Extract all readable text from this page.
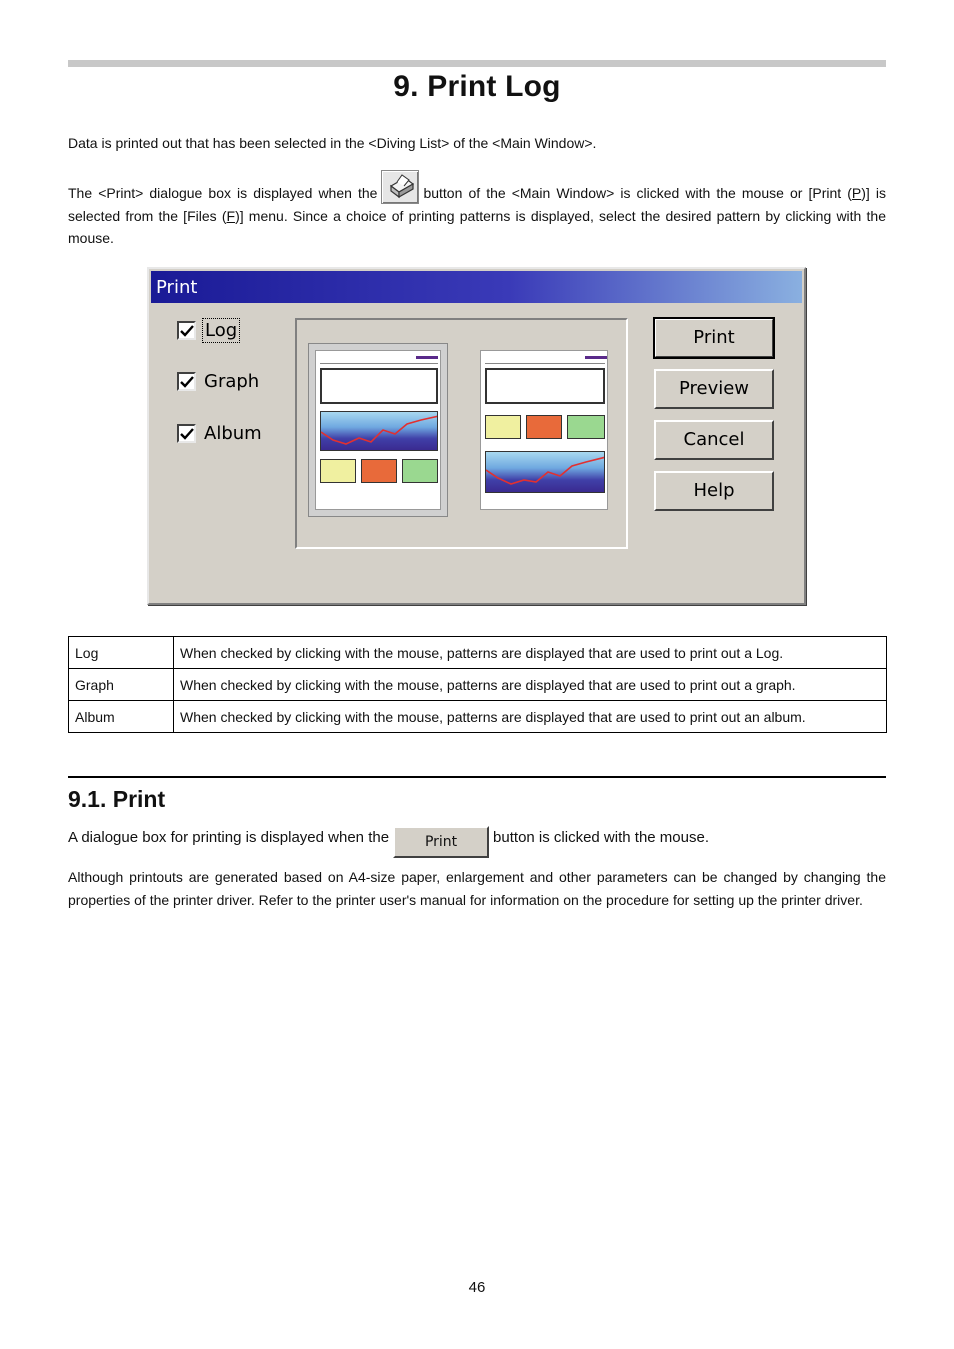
9. Print Log

Data is printed out that has been selected in the <Diving List> of the <Main Window>.

The <Print> dialogue box is displayed when the	button of the <Main Window> is clicked with the mouse or [Print (P)] is selected from the [Files (F)] menu. Since a choice of printing patterns is displayed, select the desired pattern by clicking with the mouse.

Print
Log
Graph
Album
Print
Preview
Cancel
Help
Log	When checked by clicking with the mouse, patterns are displayed that are used to print out a Log.
Graph	When checked by clicking with the mouse, patterns are displayed that are used to print out a graph.
Album	When checked by clicking with the mouse, patterns are displayed that are used to print out an album.
9.1. Print

A dialogue box for printing is displayed when the	Print button is clicked with the mouse.

Although printouts are generated based on A4-size paper, enlargement and other parameters can be changed by changing the properties of the printer driver. Refer to the printer user's manual for information on the procedure for setting up the printer driver.

46
